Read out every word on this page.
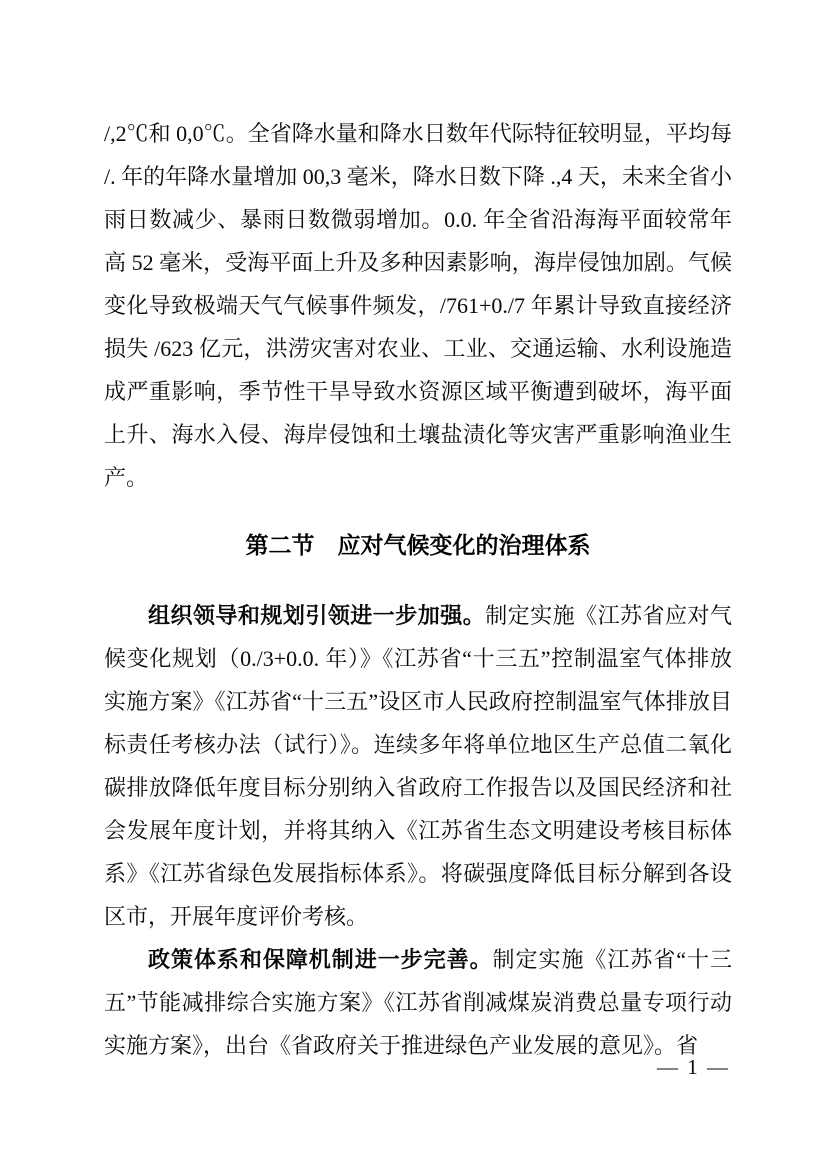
/,2℃和 0,0℃。全省降水量和降水日数年代际特征较明显，平均每 /. 年的年降水量增加 00,3 毫米，降水日数下降 .,4 天，未来全省小雨日数减少、暴雨日数微弱增加。0.0. 年全省沿海海平面较常年高 52 毫米，受海平面上升及多种因素影响，海岸侵蚀加剧。气候变化导致极端天气气候事件频发，/761+0./7 年累计导致直接经济损失 /623 亿元，洪涝灾害对农业、工业、交通运输、水利设施造成严重影响，季节性干旱导致水资源区域平衡遭到破坏，海平面上升、海水入侵、海岸侵蚀和土壤盐渍化等灾害严重影响渔业生产。

第二节 应对气候变化的治理体系

组织领导和规划引领进一步加强。制定实施《江苏省应对气候变化规划（0./3+0.0. 年）》《江苏省“十三五”控制温室气体排放实施方案》《江苏省“十三五”设区市人民政府控制温室气体排放目标责任考核办法（试行）》。连续多年将单位地区生产总值二氧化碳排放降低年度目标分别纳入省政府工作报告以及国民经济和社会发展年度计划，并将其纳入《江苏省生态文明建设考核目标体系》《江苏省绿色发展指标体系》。将碳强度降低目标分解到各设区市，开展年度评价考核。

政策体系和保障机制进一步完善。制定实施《江苏省“十三五”节能减排综合实施方案》《江苏省削减煤炭消费总量专项行动实施方案》，出台《省政府关于推进绿色产业发展的意见》。省

— 1 —
